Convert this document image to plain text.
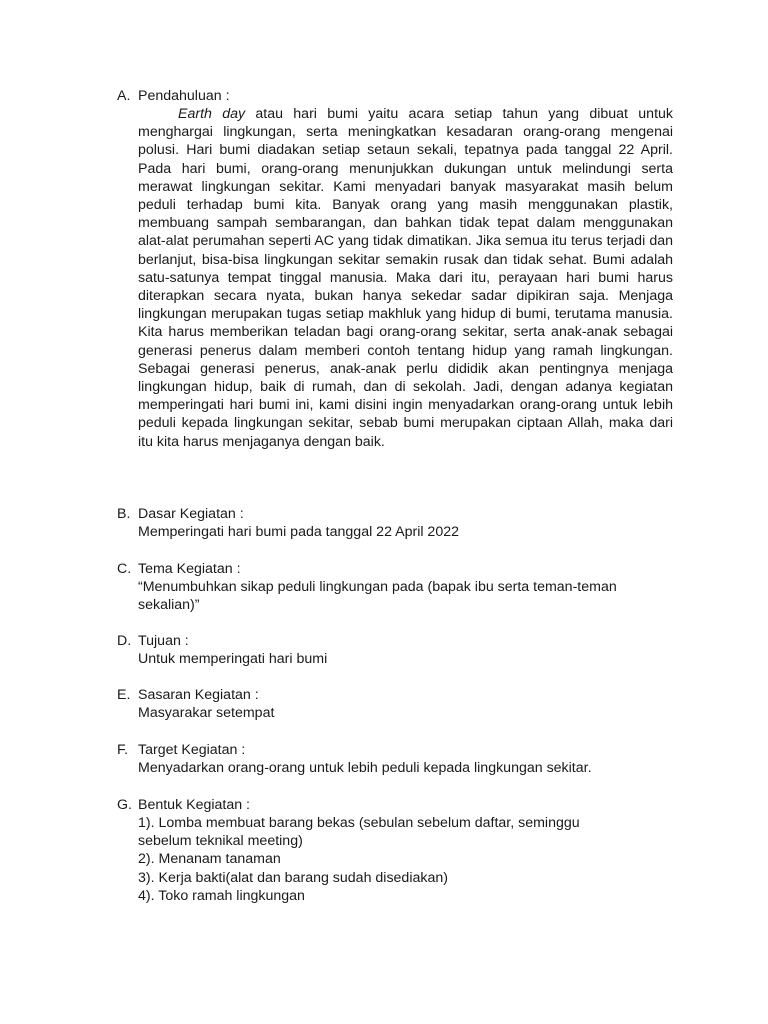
A. Pendahuluan :
Earth day atau hari bumi yaitu acara setiap tahun yang dibuat untuk menghargai lingkungan, serta meningkatkan kesadaran orang-orang mengenai polusi. Hari bumi diadakan setiap setaun sekali, tepatnya pada tanggal 22 April. Pada hari bumi, orang-orang menunjukkan dukungan untuk melindungi serta merawat lingkungan sekitar. Kami menyadari banyak masyarakat masih belum peduli terhadap bumi kita. Banyak orang yang masih menggunakan plastik, membuang sampah sembarangan, dan bahkan tidak tepat dalam menggunakan alat-alat perumahan seperti AC yang tidak dimatikan. Jika semua itu terus terjadi dan berlanjut, bisa-bisa lingkungan sekitar semakin rusak dan tidak sehat. Bumi adalah satu-satunya tempat tinggal manusia. Maka dari itu, perayaan hari bumi harus diterapkan secara nyata, bukan hanya sekedar sadar dipikiran saja. Menjaga lingkungan merupakan tugas setiap makhluk yang hidup di bumi, terutama manusia. Kita harus memberikan teladan bagi orang-orang sekitar, serta anak-anak sebagai generasi penerus dalam memberi contoh tentang hidup yang ramah lingkungan. Sebagai generasi penerus, anak-anak perlu dididik akan pentingnya menjaga lingkungan hidup, baik di rumah, dan di sekolah. Jadi, dengan adanya kegiatan memperingati hari bumi ini, kami disini ingin menyadarkan orang-orang untuk lebih peduli kepada lingkungan sekitar, sebab bumi merupakan ciptaan Allah, maka dari itu kita harus menjaganya dengan baik.
B. Dasar Kegiatan :
Memperingati hari bumi pada tanggal 22 April 2022
C. Tema Kegiatan :
“Menumbuhkan sikap peduli lingkungan pada (bapak ibu serta teman-teman
sekalian)”
D. Tujuan :
Untuk memperingati hari bumi
E. Sasaran Kegiatan :
Masyarakar setempat
F. Target Kegiatan :
Menyadarkan orang-orang untuk lebih peduli kepada lingkungan sekitar.
G. Bentuk Kegiatan :
1). Lomba membuat barang bekas (sebulan sebelum daftar, seminggu
sebelum teknikal meeting)
2). Menanam tanaman
3). Kerja bakti(alat dan barang sudah disediakan)
4). Toko ramah lingkungan
